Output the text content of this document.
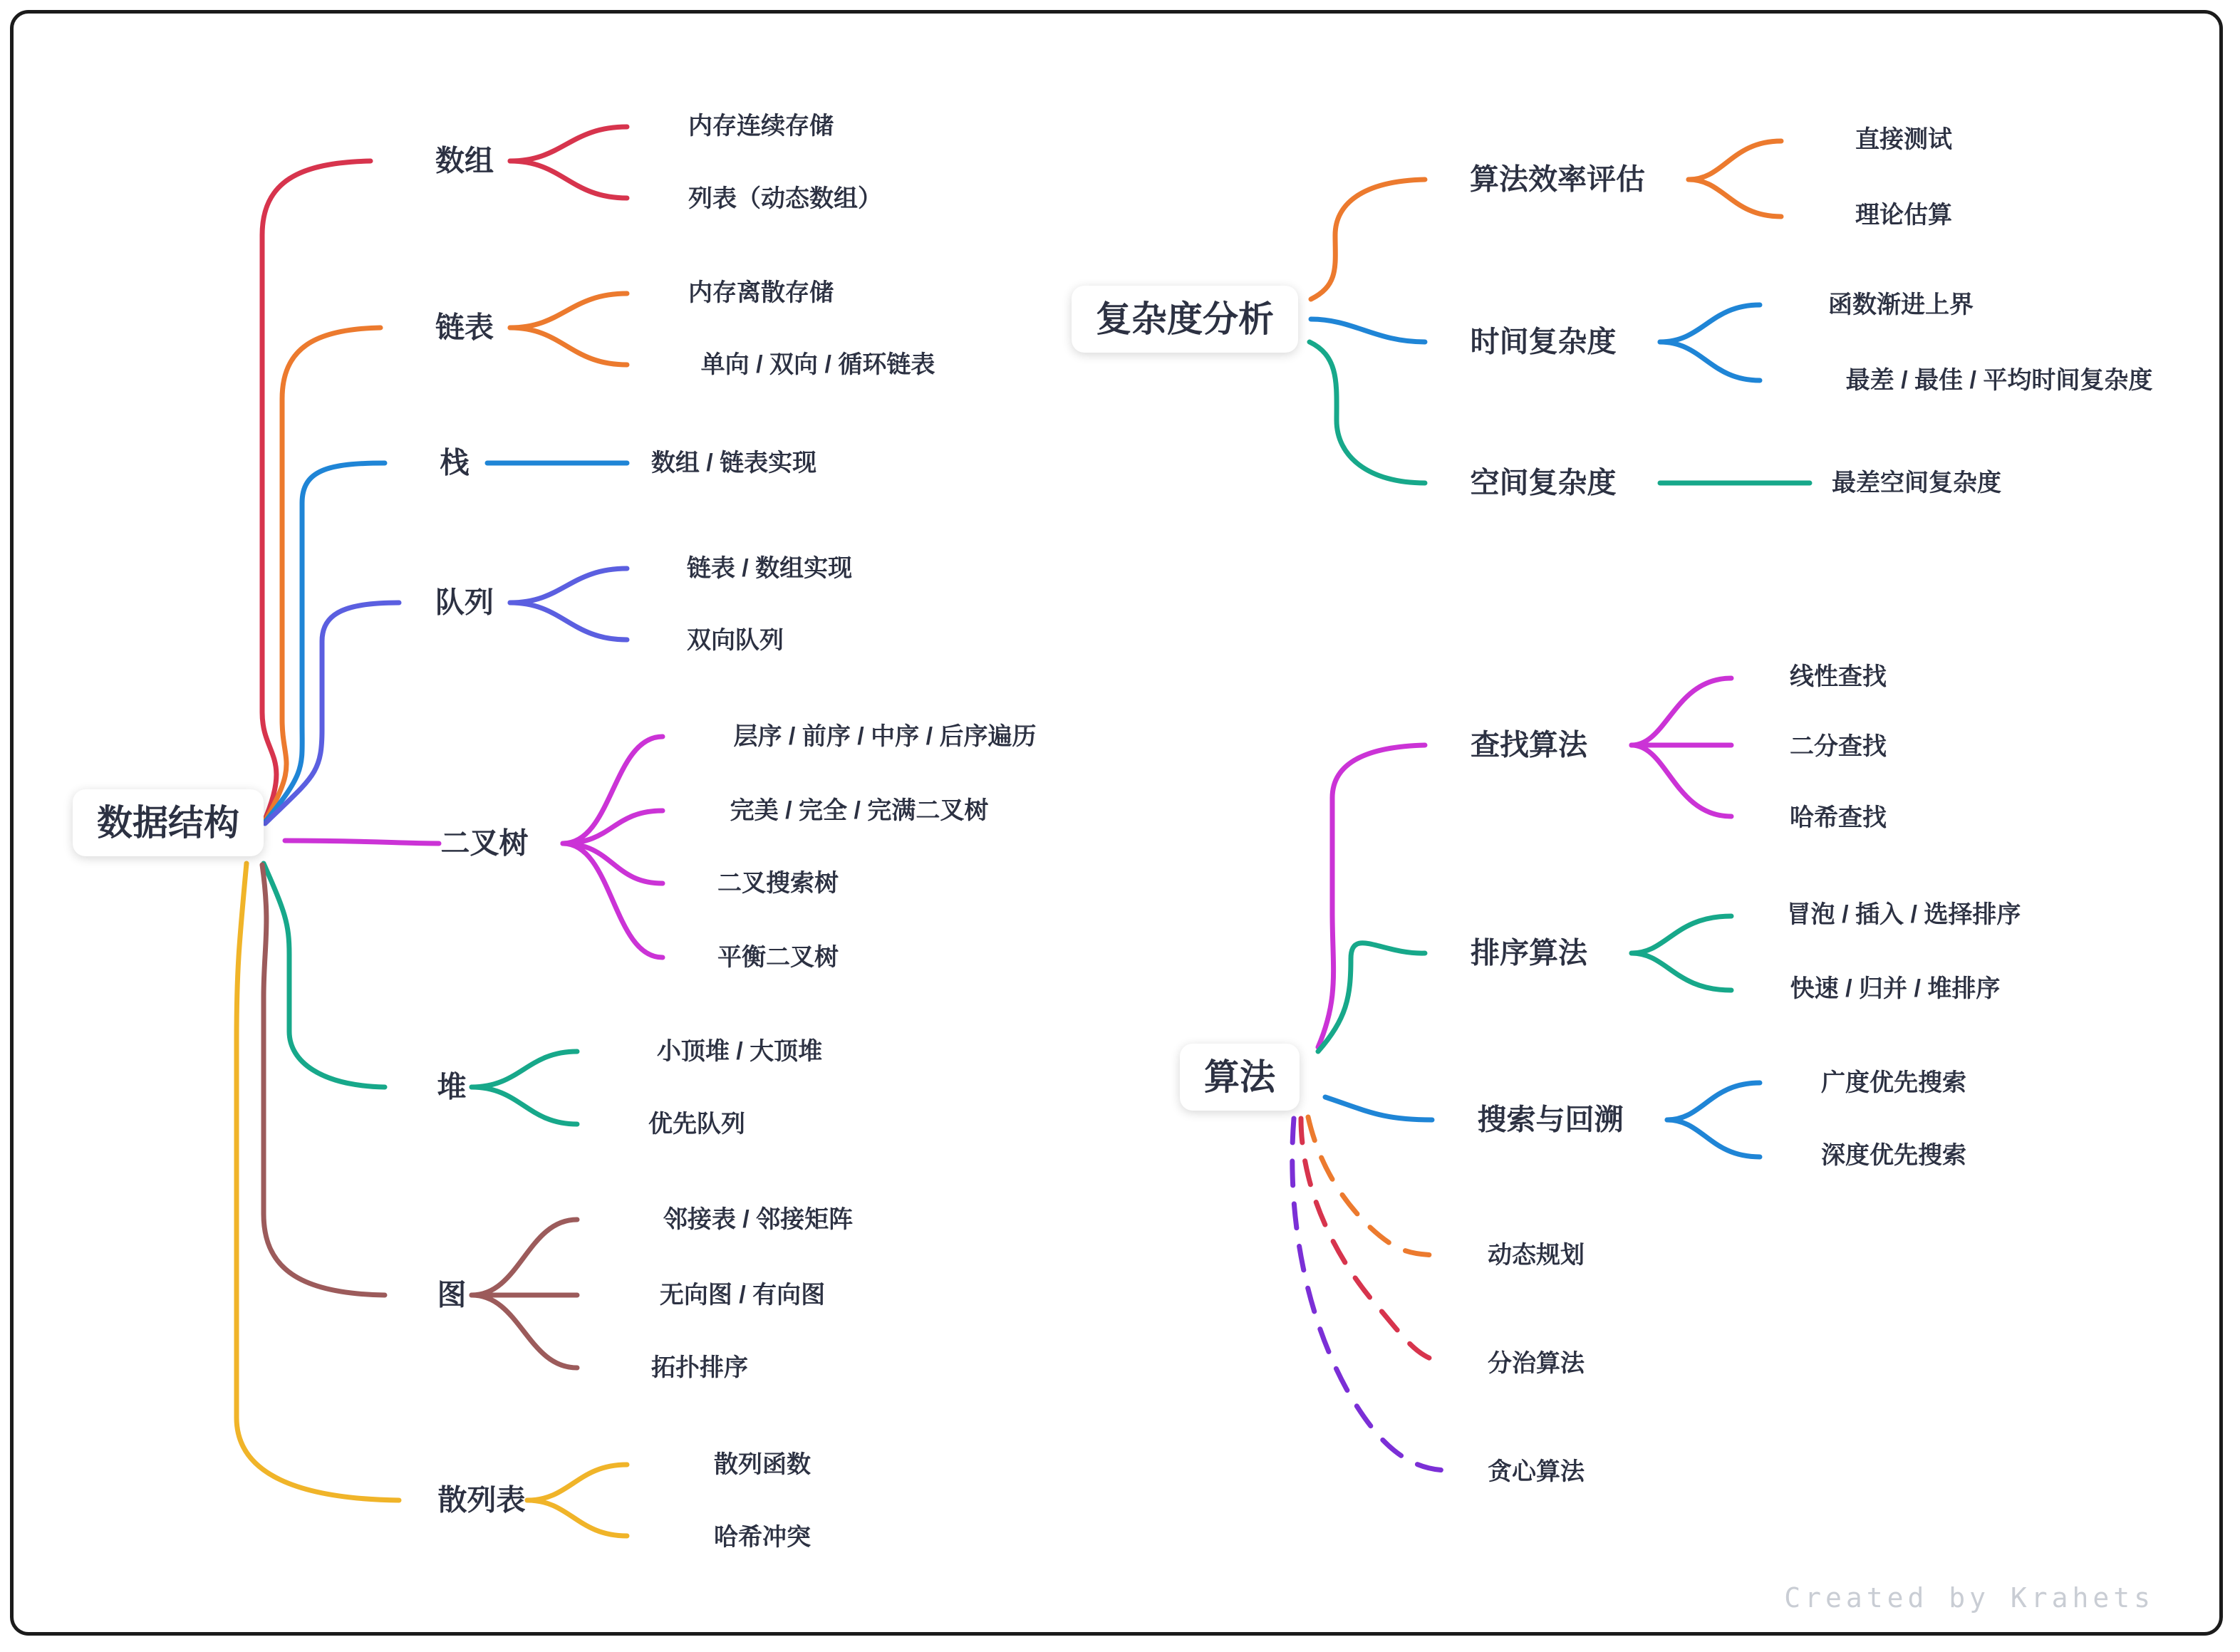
数据结构
复杂度分析
算法
数组
内存连续存储
列表（动态数组）
链表
内存离散存储
单向 / 双向 / 循环链表
栈	数组 / 链表实现
队列
链表 / 数组实现
双向队列
二叉树
层序 / 前序 / 中序 / 后序遍历
完美 / 完全 / 完满二叉树
二叉搜索树
平衡二叉树
堆
小顶堆 / 大顶堆
优先队列
图
邻接表 / 邻接矩阵
无向图 / 有向图
拓扑排序
散列表
散列函数
哈希冲突
算法效率评估
直接测试
理论估算
时间复杂度
函数渐进上界
最差 / 最佳 / 平均时间复杂度
空间复杂度	最差空间复杂度
查找算法
线性查找
二分查找
哈希查找
排序算法
冒泡 / 插入 / 选择排序
快速 / 归并 / 堆排序
搜索与回溯
广度优先搜索
深度优先搜索
动态规划
分治算法
贪心算法
Created by Krahets
